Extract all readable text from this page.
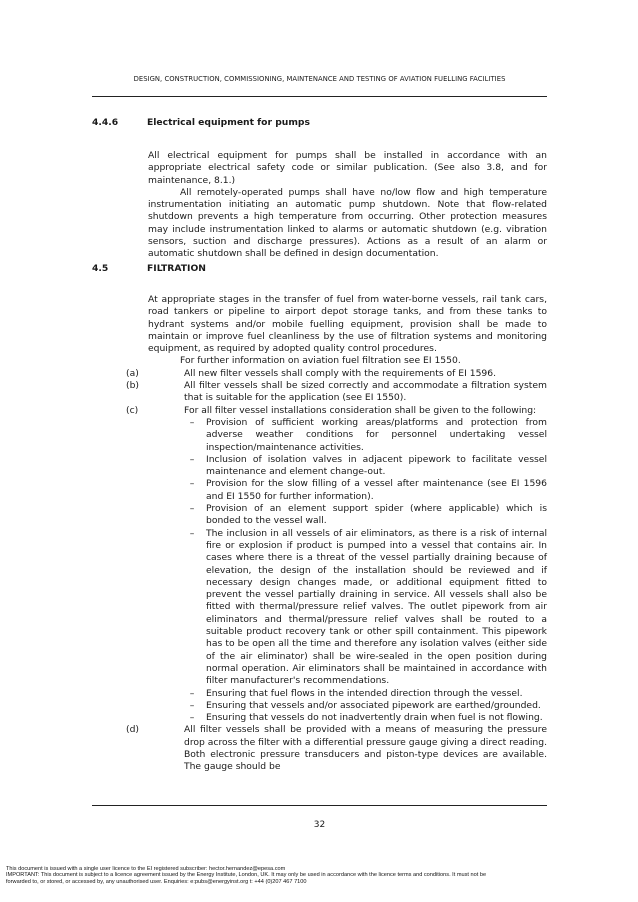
DESIGN, CONSTRUCTION, COMMISSIONING, MAINTENANCE AND TESTING OF AVIATION FUELLING FACILITIES
4.4.6	Electrical equipment for pumps

All electrical equipment for pumps shall be installed in accordance with an appropriate electrical safety code or similar publication. (See also 3.8, and for maintenance, 8.1.)

All remotely-operated pumps shall have no/low flow and high temperature instrumentation initiating an automatic pump shutdown. Note that flow-related shutdown prevents a high temperature from occurring. Other protection measures may include instrumentation linked to alarms or automatic shutdown (e.g. vibration sensors, suction and discharge pressures). Actions as a result of an alarm or automatic shutdown shall be defined in design documentation.

4.5	FILTRATION

At appropriate stages in the transfer of fuel from water-borne vessels, rail tank cars, road tankers or pipeline to airport depot storage tanks, and from these tanks to hydrant systems and/or mobile fuelling equipment, provision shall be made to maintain or improve fuel cleanliness by the use of filtration systems and monitoring equipment, as required by adopted quality control procedures.

For further information on aviation fuel filtration see EI 1550.

(a)	All new filter vessels shall comply with the requirements of EI 1596.
(b)	All filter vessels shall be sized correctly and accommodate a filtration system that is suitable for the application (see EI 1550).
(c)	For all filter vessel installations consideration shall be given to the following:
–	Provision of sufficient working areas/platforms and protection from adverse weather conditions for personnel undertaking vessel inspection/maintenance activities.
–	Inclusion of isolation valves in adjacent pipework to facilitate vessel maintenance and element change-out.
–	Provision for the slow filling of a vessel after maintenance (see EI 1596 and EI 1550 for further information).
–	Provision of an element support spider (where applicable) which is bonded to the vessel wall.
–	The inclusion in all vessels of air eliminators, as there is a risk of internal fire or explosion if product is pumped into a vessel that contains air. In cases where there is a threat of the vessel partially draining because of elevation, the design of the installation should be reviewed and if necessary design changes made, or additional equipment fitted to prevent the vessel partially draining in service. All vessels shall also be fitted with thermal/pressure relief valves. The outlet pipework from air eliminators and thermal/pressure relief valves shall be routed to a suitable product recovery tank or other spill containment. This pipework has to be open all the time and therefore any isolation valves (either side of the air eliminator) shall be wire-sealed in the open position during normal operation. Air eliminators shall be maintained in accordance with filter manufacturer's recommendations.
–	Ensuring that fuel flows in the intended direction through the vessel.
–	Ensuring that vessels and/or associated pipework are earthed/grounded.
–	Ensuring that vessels do not inadvertently drain when fuel is not flowing.
(d)	All filter vessels shall be provided with a means of measuring the pressure drop across the filter with a differential pressure gauge giving a direct reading. Both electronic pressure transducers and piston-type devices are available. The gauge should be
32
This document is issued with a single user licence to the EI registered subscriber: hector.hernandez@epesa.com
IMPORTANT: This document is subject to a licence agreement issued by the Energy Institute, London, UK. It may only be used in accordance with the licence terms and conditions. It must not be
forwarded to, or stored, or accessed by, any unauthorised user. Enquiries: e:pubs@energyinst.org t: +44 (0)207 467 7100
